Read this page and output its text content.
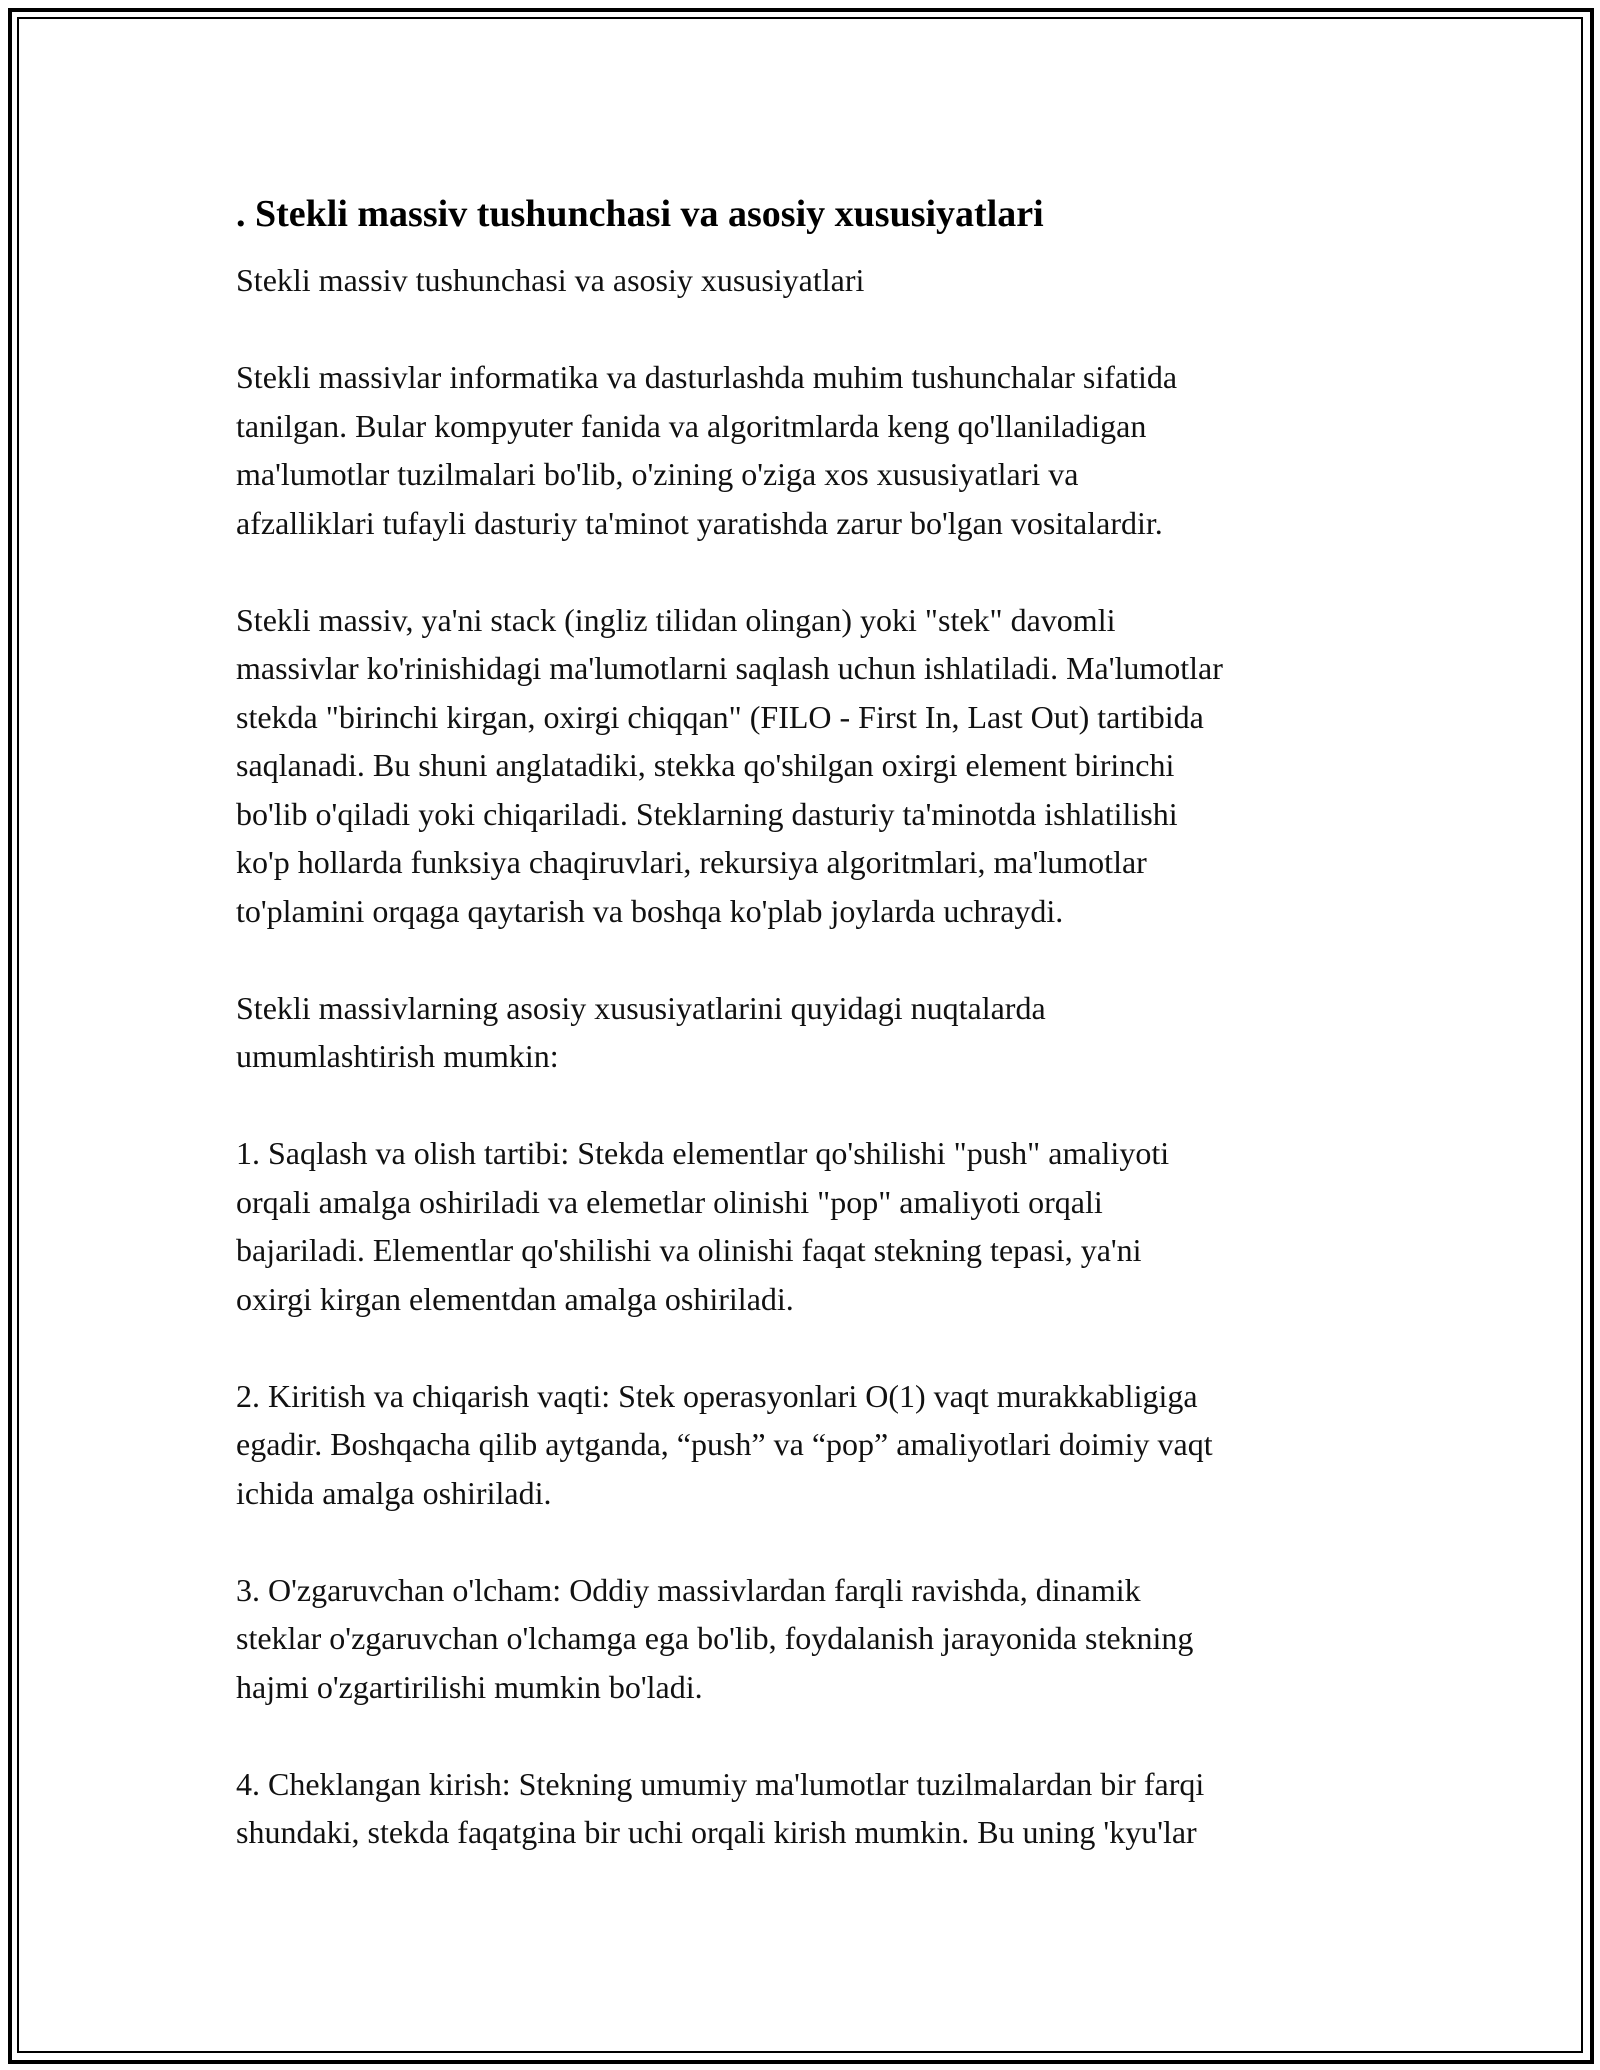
. Stekli massiv tushunchasi va asosiy xususiyatlari
Stekli massiv tushunchasi va asosiy xususiyatlari
Stekli massivlar informatika va dasturlashda muhim tushunchalar sifatida
tanilgan. Bular kompyuter fanida va algoritmlarda keng qo'llaniladigan
ma'lumotlar tuzilmalari bo'lib, o'zining o'ziga xos xususiyatlari va
afzalliklari tufayli dasturiy ta'minot yaratishda zarur bo'lgan vositalardir.
Stekli massiv, ya'ni stack (ingliz tilidan olingan) yoki "stek" davomli
massivlar ko'rinishidagi ma'lumotlarni saqlash uchun ishlatiladi. Ma'lumotlar
stekda "birinchi kirgan, oxirgi chiqqan" (FILO - First In, Last Out) tartibida
saqlanadi. Bu shuni anglatadiki, stekka qo'shilgan oxirgi element birinchi
bo'lib o'qiladi yoki chiqariladi. Steklarning dasturiy ta'minotda ishlatilishi
ko'p hollarda funksiya chaqiruvlari, rekursiya algoritmlari, ma'lumotlar
to'plamini orqaga qaytarish va boshqa ko'plab joylarda uchraydi.
Stekli massivlarning asosiy xususiyatlarini quyidagi nuqtalarda
umumlashtirish mumkin:
1. Saqlash va olish tartibi: Stekda elementlar qo'shilishi "push" amaliyoti
orqali amalga oshiriladi va elemetlar olinishi "pop" amaliyoti orqali
bajariladi. Elementlar qo'shilishi va olinishi faqat stekning tepasi, ya'ni
oxirgi kirgan elementdan amalga oshiriladi.
2. Kiritish va chiqarish vaqti: Stek operasyonlari O(1) vaqt murakkabligiga
egadir. Boshqacha qilib aytganda, “push” va “pop” amaliyotlari doimiy vaqt
ichida amalga oshiriladi.
3. O'zgaruvchan o'lcham: Oddiy massivlardan farqli ravishda, dinamik
steklar o'zgaruvchan o'lchamga ega bo'lib, foydalanish jarayonida stekning
hajmi o'zgartirilishi mumkin bo'ladi.
4. Cheklangan kirish: Stekning umumiy ma'lumotlar tuzilmalardan bir farqi
shundaki, stekda faqatgina bir uchi orqali kirish mumkin. Bu uning 'kyu'lar
